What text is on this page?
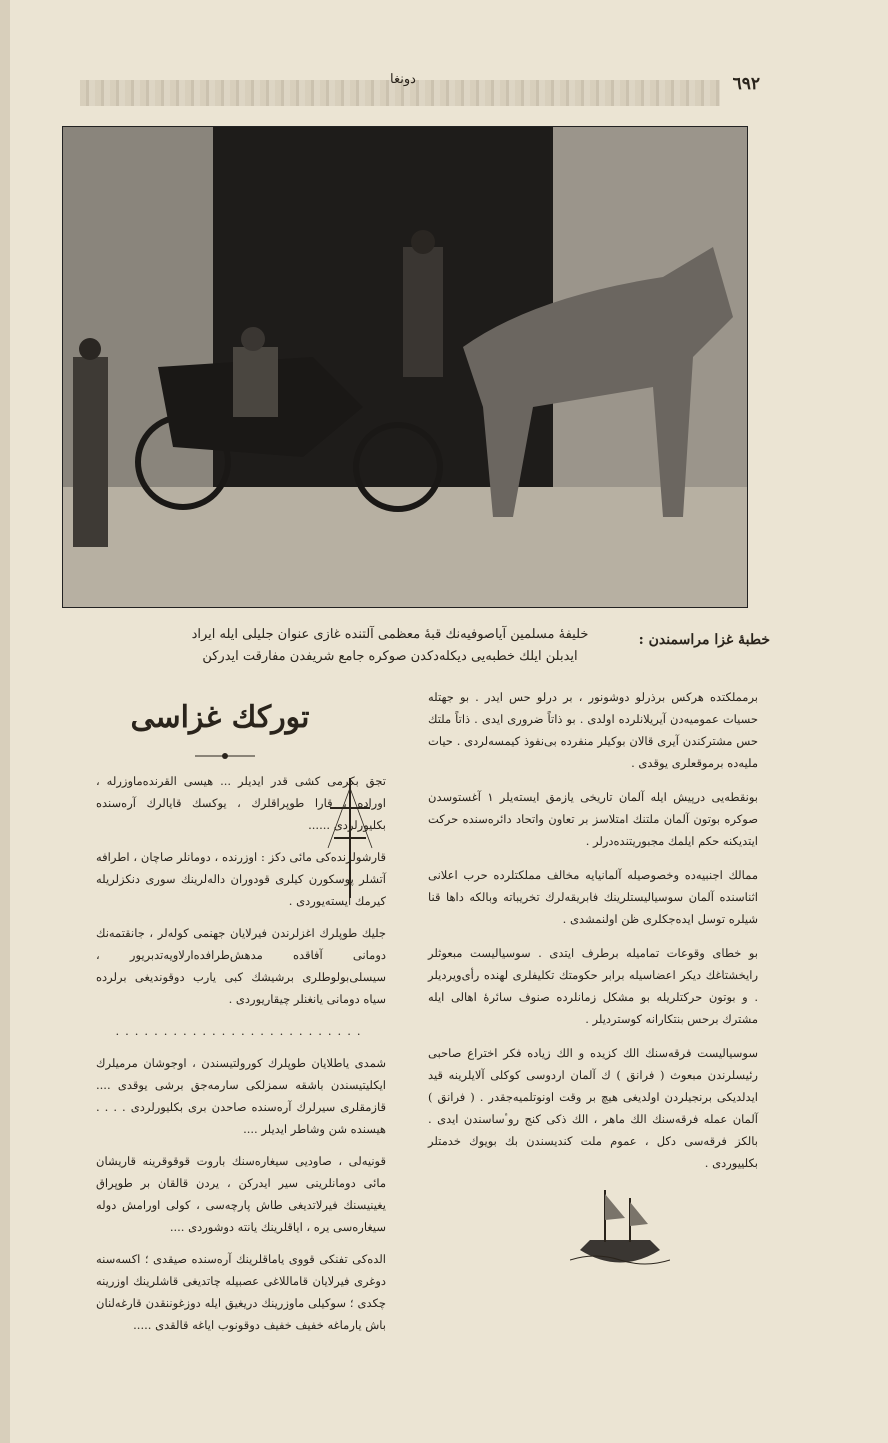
دونغا	٦٩٢
خطبهٔ غزا مراسمندن :
خليفهٔ مسلمين آياصوفيه‌نك قبهٔ معظمی آلتنده غازی عنوان جليلی ايله ايراد
ايدبلن ايلك خطبه‌يی ديكله‌دكدن صوكره جامع شريفدن مفارقت ايدركن
توركك غزاسی

برمملكتده هركس برذرلو دوشونور ، بر درلو حس ايدر . بو جهتله حسيات عموميه‌دن آيريلانلرده اولدی . بو ذاتاً ضروری ايدی . ذاتاً ملتك حس مشتركندن آيری قالان بوكيلر منفرده بی‌نفوذ كيمسه‌لردی . حيات مليه‌ده برموقعلری يوقدی .

بونقطه‌يی درپيش ايله آلمان تاريخی يازمق ايسته‌يلر ١ آغستوسدن صوكره بوتون آلمان ملتنك امتلاسز بر تعاون واتحاد دائره‌سنده حركت ايتديكنه حكم ايلمك مجبوريتنده‌درلر .

ممالك اجنبيه‌ده وخصوصيله آلمانيايه مخالف مملكتلرده حرب اعلانی اثناسنده آلمان سوسياليستلرينك فابريقه‌لرك تخريباته وبالكه داها قنا شيلره توسل ايده‌جكلری ظن اولنمشدی .

بو خطای وقوعات تماميله برطرف ايتدی . سوسياليست مبعوثلر رايخشتاغك ديكر اعضاسيله برابر حكومتك تكليفلری لهنده رأی‌ويرديلر . و بوتون حركتلريله بو مشكل زمانلرده صنوف سائرهٔ اهالی ايله مشترك برحس بنتكارانه كوستردیلر .

سوسياليست فرقه‌سنك الك كزيده و الك زياده فكر اختراع صاحبی رئيسلرندن مبعوث ( فرانق ) ك آلمان اردوسی كوكلی آلايلرينه قيد ايدلديكی برنجيلردن اولديغی هيچ بر وقت اونوتلميه‌جقدر . ( فرانق ) آلمان عمله فرقه‌سنك الك ماهر ، الك ذكی كنج روٴساسندن ايدی . بالكز فرقه‌سی دكل ، عموم ملت كنديسندن بك بويوك خدمتلر بكلييوردی .

تجق بكرمی كشی قدر ايديلر ... هيسی القرنده‌ماوزرله ، اوراده ، قارا طوپراقلرك ، يوكسك قايالرك آره‌سنده بكليورلردی ......

قارشولرنده‌كی مائی دكز : اوزرنده ، دومانلر صاچان ، اطرافه آتشلر پوسكورن كيلری قودوران داله‌لرينك سوری دنكزلريله كيرمك ايسته‌يوردی .

جليك طوپلرك اغزلرندن فيرلايان جهنمی كوله‌لر ، جانقتمه‌نك دومانی آفاقده مدهش‌طرافده‌ارلاويه‌تدبريور ، سيسلی‌بولوطلری برشيشك كبی يارب دوقونديغی برلرده سياه دومانی يانغنلر چيقاريوردی .

..........................

شمدی ياطلايان طوپلرك كورولتيسندن ، اوجوشان مرميلرك ايكليتيسندن باشقه سمزلكی سارمه‌جق برشی يوقدی .... قازمقلری سيرلرك آره‌سنده صاحدن بری بكليورلردی . . . . هيسنده شن وشاطر ايديلر ....

قونيه‌لی ، صاوديی سيغاره‌سنك باروت قوقوقرينه قاريشان مائی دومانلرينی سير ايدركن ، يردن قالقان بر طوپراق يغينيسنك فيرلاتديغی طاش پارچه‌سی ، كولی اورامش دوله سيغاره‌سی يره ، اياقلرينك يانته دوشوردی ....

الده‌كی تفنكی قووی ياماقلرينك آره‌سنده صيقدی ؛ اكسه‌سنه دوغری فيرلايان قاماللاغی عصبيله چاتديغی قاشلرينك اوزرينه چكدی ؛ سوكيلی ماوزرينك دريغيق ايله دوزغوننقدن قارغه‌لنان باش يارماغه خفيف خفيف دوقونوب اياغه قالقدی .....
